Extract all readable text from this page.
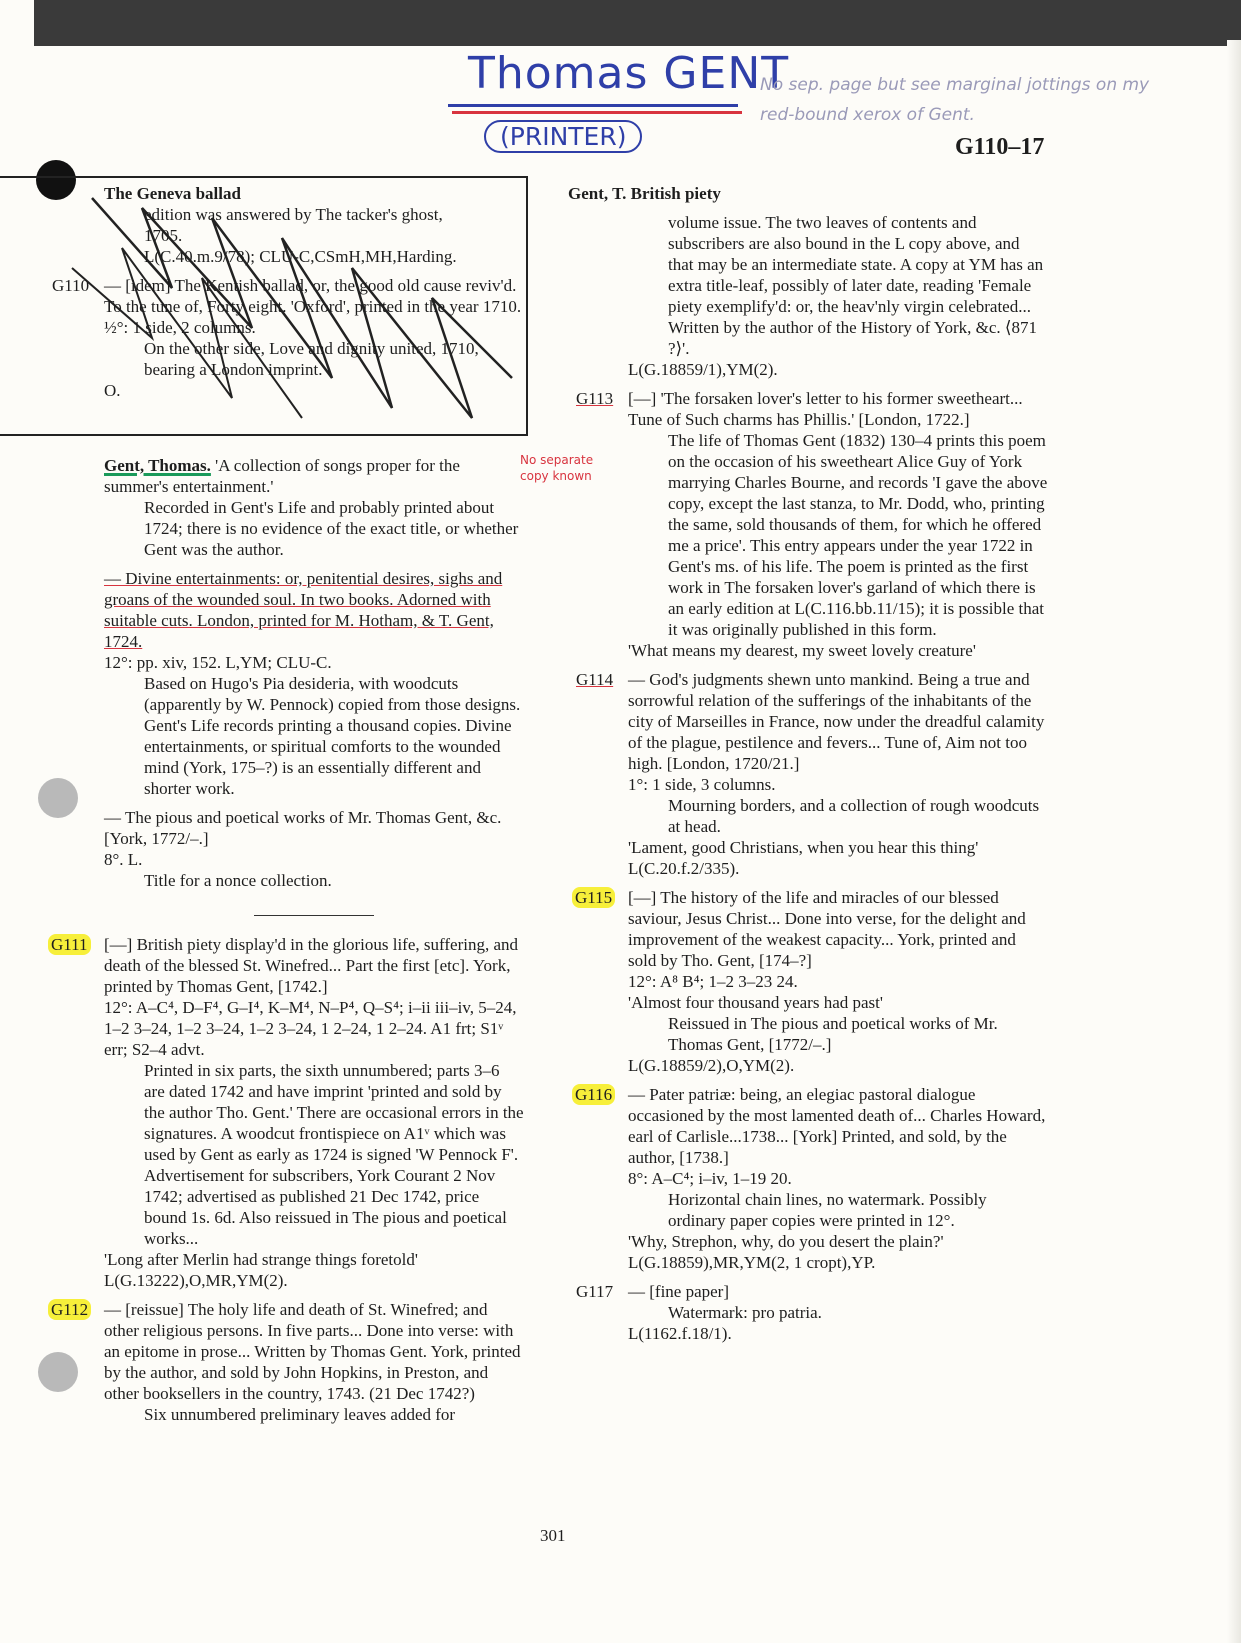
Thomas GENT
(PRINTER)
No sep. page but see marginal jottings on my red-bound xerox of Gent.
G110–17

The Geneva ballad

edition was answered by The tacker's ghost,

1705.

L(C.40.m.9/78); CLU-C,CSmH,MH,Harding.

G110 — [idem] The Kentish ballad, or, the good old cause reviv'd. To the tune of, Forty eight. 'Oxford', printed in the year 1710.

½°: 1 side, 2 columns.

On the other side, Love and dignity united, 1710, bearing a London imprint.

O.

Gent, Thomas. 'A collection of songs proper for the summer's entertainment.'

Recorded in Gent's Life and probably printed about 1724; there is no evidence of the exact title, or whether Gent was the author.

— Divine entertainments: or, penitential desires, sighs and groans of the wounded soul. In two books. Adorned with suitable cuts. London, printed for M. Hotham, & T. Gent, 1724.

12°: pp. xiv, 152. L,YM; CLU-C.

Based on Hugo's Pia desideria, with woodcuts (apparently by W. Pennock) copied from those designs. Gent's Life records printing a thousand copies. Divine entertainments, or spiritual comforts to the wounded mind (York, 175–?) is an essentially different and shorter work.

— The pious and poetical works of Mr. Thomas Gent, &c. [York, 1772/–.]

8°. L.

Title for a nonce collection.

G111 [—] British piety display'd in the glorious life, suffering, and death of the blessed St. Winefred... Part the first [etc]. York, printed by Thomas Gent, [1742.]

12°: A–C⁴, D–F⁴, G–I⁴, K–M⁴, N–P⁴, Q–S⁴; i–ii iii–iv, 5–24, 1–2 3–24, 1–2 3–24, 1–2 3–24, 1 2–24, 1 2–24. A1 frt; S1ᵛ err; S2–4 advt.

Printed in six parts, the sixth unnumbered; parts 3–6 are dated 1742 and have imprint 'printed and sold by the author Tho. Gent.' There are occasional errors in the signatures. A woodcut frontispiece on A1ᵛ which was used by Gent as early as 1724 is signed 'W Pennock F'. Advertisement for subscribers, York Courant 2 Nov 1742; advertised as published 21 Dec 1742, price bound 1s. 6d. Also reissued in The pious and poetical works...

'Long after Merlin had strange things foretold'

L(G.13222),O,MR,YM(2).

G112 — [reissue] The holy life and death of St. Winefred; and other religious persons. In five parts... Done into verse: with an epitome in prose... Written by Thomas Gent. York, printed by the author, and sold by John Hopkins, in Preston, and other booksellers in the country, 1743. (21 Dec 1742?)

Six unnumbered preliminary leaves added for

No separate copy known

Gent, T. British piety

volume issue. The two leaves of contents and subscribers are also bound in the L copy above, and that may be an intermediate state. A copy at YM has an extra title-leaf, possibly of later date, reading 'Female piety exemplify'd: or, the heav'nly virgin celebrated... Written by the author of the History of York, &c. ⟨871 ?⟩'.

L(G.18859/1),YM(2).

G113 [—] 'The forsaken lover's letter to his former sweetheart... Tune of Such charms has Phillis.' [London, 1722.]

The life of Thomas Gent (1832) 130–4 prints this poem on the occasion of his sweetheart Alice Guy of York marrying Charles Bourne, and records 'I gave the above copy, except the last stanza, to Mr. Dodd, who, printing the same, sold thousands of them, for which he offered me a price'. This entry appears under the year 1722 in Gent's ms. of his life. The poem is printed as the first work in The forsaken lover's garland of which there is an early edition at L(C.116.bb.11/15); it is possible that it was originally published in this form.

'What means my dearest, my sweet lovely creature'

G114 — God's judgments shewn unto mankind. Being a true and sorrowful relation of the sufferings of the inhabitants of the city of Marseilles in France, now under the dreadful calamity of the plague, pestilence and fevers... Tune of, Aim not too high. [London, 1720/21.]

1°: 1 side, 3 columns.

Mourning borders, and a collection of rough woodcuts at head.

'Lament, good Christians, when you hear this thing'

L(C.20.f.2/335).

G115 [—] The history of the life and miracles of our blessed saviour, Jesus Christ... Done into verse, for the delight and improvement of the weakest capacity... York, printed and sold by Tho. Gent, [174–?]

12°: A⁸ B⁴; 1–2 3–23 24.

'Almost four thousand years had past'

Reissued in The pious and poetical works of Mr. Thomas Gent, [1772/–.]

L(G.18859/2),O,YM(2).

G116 — Pater patriæ: being, an elegiac pastoral dialogue occasioned by the most lamented death of... Charles Howard, earl of Carlisle...1738... [York] Printed, and sold, by the author, [1738.]

8°: A–C⁴; i–iv, 1–19 20.

Horizontal chain lines, no watermark. Possibly ordinary paper copies were printed in 12°.

'Why, Strephon, why, do you desert the plain?'

L(G.18859),MR,YM(2, 1 cropt),YP.

G117 — [fine paper]

Watermark: pro patria.

L(1162.f.18/1).

301
